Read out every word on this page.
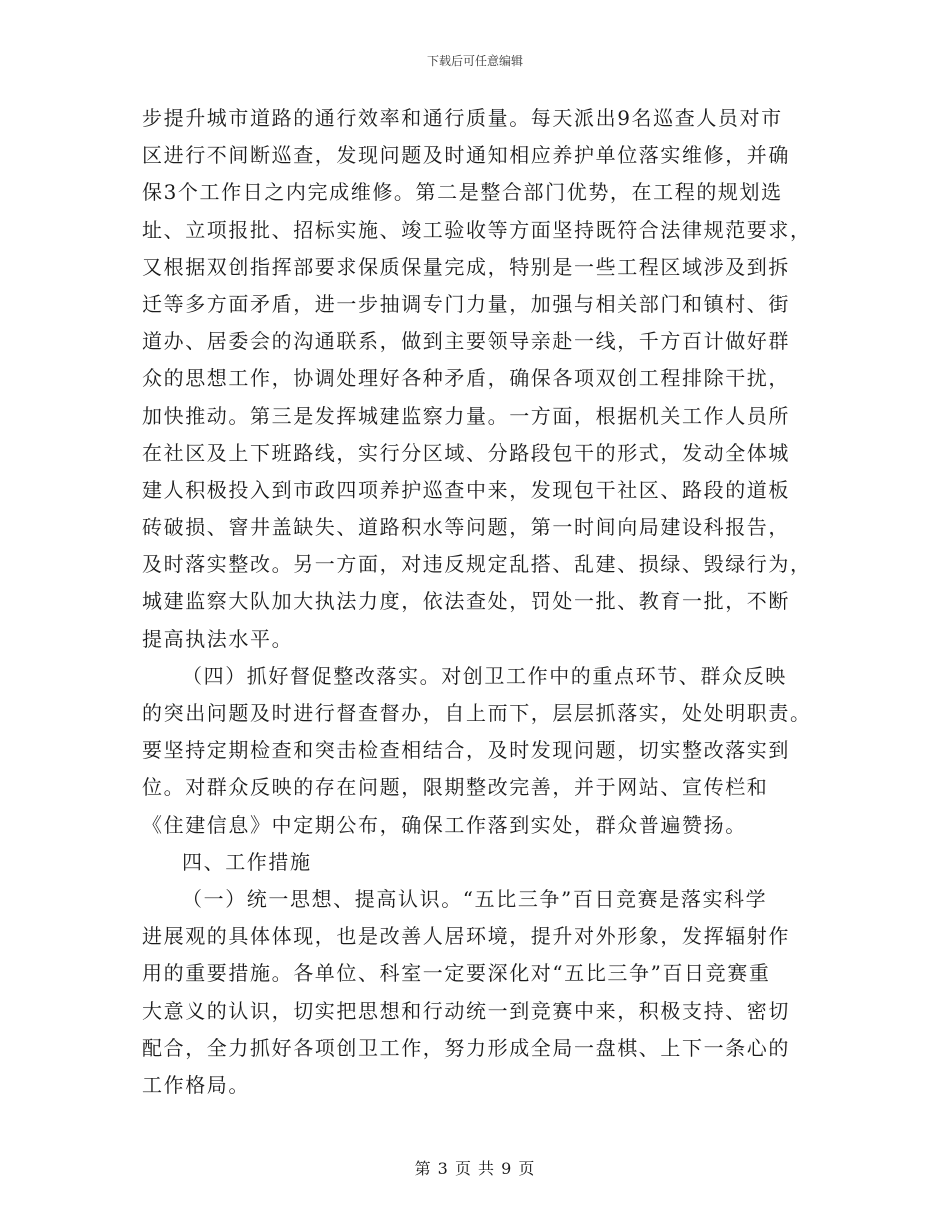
下载后可任意编辑
步提升城市道路的通行效率和通行质量。每天派出9名巡查人员对市
区进行不间断巡查，发现问题及时通知相应养护单位落实维修，并确
保3个工作日之内完成维修。第二是整合部门优势，在工程的规划选
址、立项报批、招标实施、竣工验收等方面坚持既符合法律规范要求，
又根据双创指挥部要求保质保量完成，特别是一些工程区域涉及到拆
迁等多方面矛盾，进一步抽调专门力量，加强与相关部门和镇村、街
道办、居委会的沟通联系，做到主要领导亲赴一线，千方百计做好群
众的思想工作，协调处理好各种矛盾，确保各项双创工程排除干扰，
加快推动。第三是发挥城建监察力量。一方面，根据机关工作人员所
在社区及上下班路线，实行分区域、分路段包干的形式，发动全体城
建人积极投入到市政四项养护巡查中来，发现包干社区、路段的道板
砖破损、窨井盖缺失、道路积水等问题，第一时间向局建设科报告，
及时落实整改。另一方面，对违反规定乱搭、乱建、损绿、毁绿行为，
城建监察大队加大执法力度，依法查处，罚处一批、教育一批，不断
提高执法水平。
（四）抓好督促整改落实。对创卫工作中的重点环节、群众反映
的突出问题及时进行督查督办，自上而下，层层抓落实，处处明职责。
要坚持定期检查和突击检查相结合，及时发现问题，切实整改落实到
位。对群众反映的存在问题，限期整改完善，并于网站、宣传栏和
《住建信息》中定期公布，确保工作落到实处，群众普遍赞扬。
四、工作措施
（一）统一思想、提高认识。“五比三争”百日竞赛是落实科学
进展观的具体体现，也是改善人居环境，提升对外形象，发挥辐射作
用的重要措施。各单位、科室一定要深化对“五比三争”百日竞赛重
大意义的认识，切实把思想和行动统一到竞赛中来，积极支持、密切
配合，全力抓好各项创卫工作，努力形成全局一盘棋、上下一条心的
工作格局。
第 3 页 共 9 页
